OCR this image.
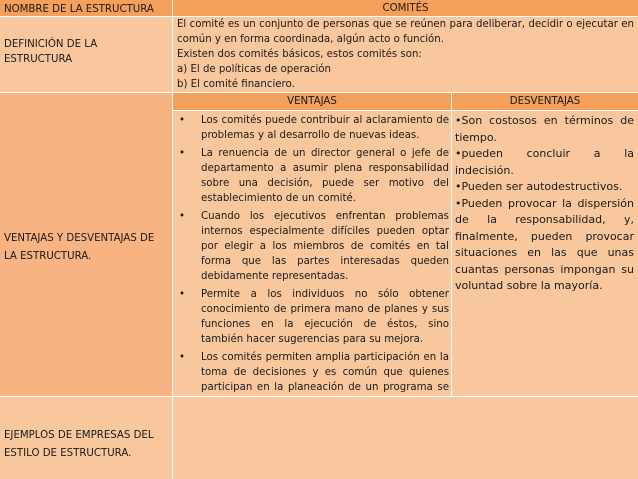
NOMBRE DE LA ESTRUCTURA	COMITÉS
DEFINICIÓN DE LA ESTRUCTURA
El comité es un conjunto de personas que se reúnen para deliberar, decidir o ejecutar en común y en forma coordinada, algún acto o función.
Existen dos comités básicos, estos comités son:
a) El de políticas de operación
b) El comité financiero.
VENTAJAS Y DESVENTAJAS DE LA ESTRUCTURA.
VENTAJAS	DESVENTAJAS
• Los comités puede contribuir al aclaramiento de problemas y al desarrollo de nuevas ideas.
• La renuencia de un director general o jefe de departamento a asumir plena responsabilidad sobre una decisión, puede ser motivo del establecimiento de un comité.
• Cuando los ejecutivos enfrentan problemas internos especialmente difíciles pueden optar por elegir a los miembros de comités en tal forma que las partes interesadas queden debidamente representadas.
• Permite a los individuos no sólo obtener conocimiento de primera mano de planes y sus funciones en la ejecución de éstos, sino también hacer sugerencias para su mejora.
• Los comités permiten amplia participación en la toma de decisiones y es común que quienes participan en la planeación de un programa se

•Son costosos en términos de tiempo.

•pueden concluir a la indecisión.

•Pueden ser autodestructivos.

•Pueden provocar la dispersión de la responsabilidad, y, finalmente, pueden provocar situaciones en las que unas cuantas personas impongan su voluntad sobre la mayoría.

EJEMPLOS DE EMPRESAS DEL ESTILO DE ESTRUCTURA.
